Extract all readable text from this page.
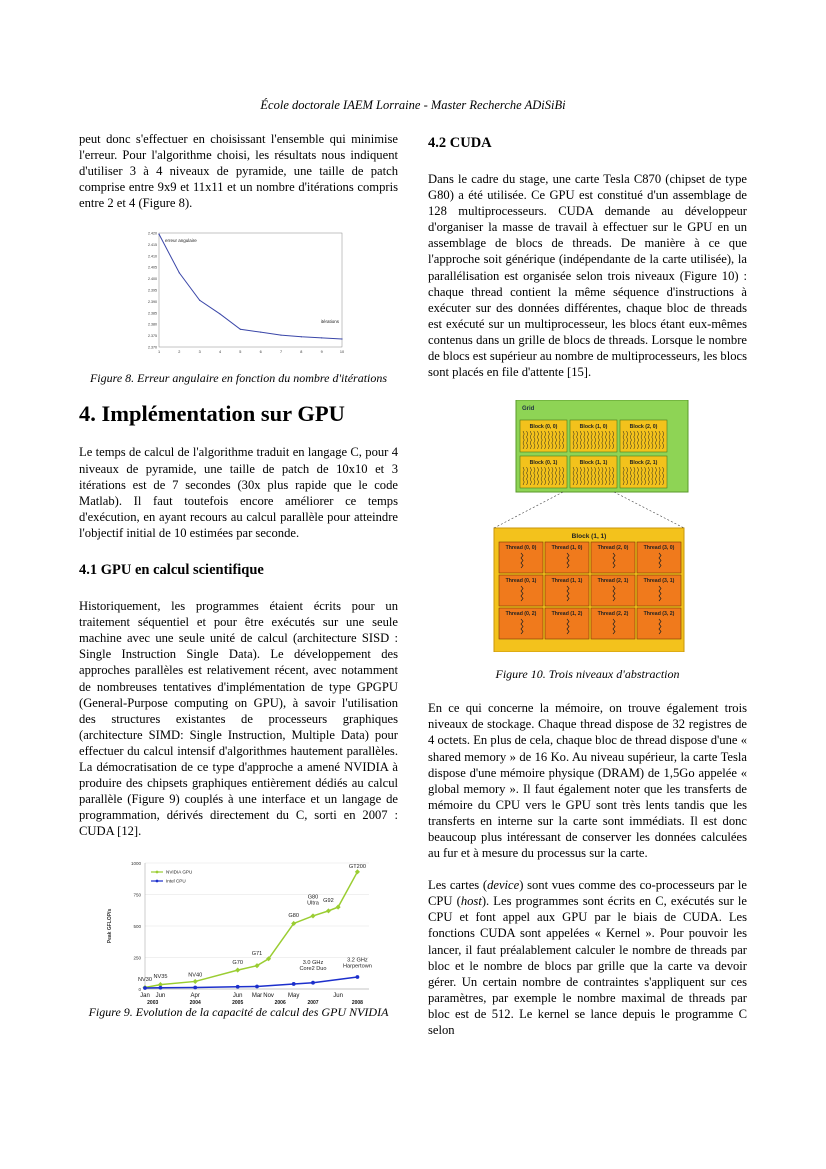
École doctorale IAEM Lorraine - Master Recherche ADiSiBi

peut donc s'effectuer en choisissant l'ensemble qui minimise l'erreur. Pour l'algorithme choisi, les résultats nous indiquent d'utiliser 3 à 4 niveaux de pyramide, une taille de patch comprise entre 9x9 et 11x11 et un nombre d'itérations compris entre 2 et 4 (Figure 8).

2.370
2.375
2.380
2.385
2.390
2.395
2.400
2.405
2.410
2.415
2.420
1	2	3	4	5	6	7	8	9	10
erreur angulaire
itérations
Figure 8. Erreur angulaire en fonction du nombre d'itérations
4. Implémentation sur GPU

Le temps de calcul de l'algorithme traduit en langage C, pour 4 niveaux de pyramide, une taille de patch de 10x10 et 3 itérations est de 7 secondes (30x plus rapide que le code Matlab). Il faut toutefois encore améliorer ce temps d'exécution, en ayant recours au calcul parallèle pour atteindre l'objectif initial de 10 estimées par seconde.

4.1 GPU en calcul scientifique

Historiquement, les programmes étaient écrits pour un traitement séquentiel et pour être exécutés sur une seule machine avec une seule unité de calcul (architecture SISD : Single Instruction Single Data). Le développement des approches parallèles est relativement récent, avec notamment de nombreuses tentatives d'implémentation de type GPGPU (General-Purpose computing on GPU), à savoir l'utilisation des structures existantes de processeurs graphiques (architecture SIMD: Single Instruction, Multiple Data) pour effectuer du calcul intensif d'algorithmes hautement parallèles. La démocratisation de ce type d'approche a amené NVIDIA à produire des chipsets graphiques entièrement dédiés au calcul parallèle (Figure 9) couplés à une interface et un langage de programmation, dérivés directement du C, sorti en 2007 : CUDA [12].

0
250
500
750
1000
Peak GFLOP/s
Jan Jun	Apr	Jun Mar Nov May	Jun
2003	2004	2005	2006	2007	2008
NVIDIA GPU
Intel CPU
NV30
NV35	NV40
G70
G71
G80
G80
Ultra G92
GT200
3.0 GHz
Core2 Duo
3.2 GHz
Harpertown
Figure 9. Evolution de la capacité de calcul des GPU NVIDIA
4.2 CUDA

Dans le cadre du stage, une carte Tesla C870 (chipset de type G80) a été utilisée. Ce GPU est constitué d'un assemblage de 128 multiprocesseurs. CUDA demande au développeur d'organiser la masse de travail à effectuer sur le GPU en un assemblage de blocs de threads. De manière à ce que l'approche soit générique (indépendante de la carte utilisée), la parallélisation est organisée selon trois niveaux (Figure 10) : chaque thread contient la même séquence d'instructions à exécuter sur des données différentes, chaque bloc de threads est exécuté sur un multiprocesseur, les blocs étant eux-mêmes contenus dans un grille de blocs de threads. Lorsque le nombre de blocs est supérieur au nombre de multiprocesseurs, les blocs sont placés en file d'attente [15].

Grid
Block (0, 0)	Block (1, 0)	Block (2, 0)
Block (0, 1)	Block (1, 1)	Block (2, 1)
Block (1, 1)
Thread (0, 0)	Thread (1, 0)	Thread (2, 0)	Thread (3, 0)
Thread (0, 1)	Thread (1, 1)	Thread (2, 1)	Thread (3, 1)
Thread (0, 2)	Thread (1, 2)	Thread (2, 2)	Thread (3, 2)
Figure 10. Trois niveaux d'abstraction

En ce qui concerne la mémoire, on trouve également trois niveaux de stockage. Chaque thread dispose de 32 registres de 4 octets. En plus de cela, chaque bloc de thread dispose d'une « shared memory » de 16 Ko. Au niveau supérieur, la carte Tesla dispose d'une mémoire physique (DRAM) de 1,5Go appelée « global memory ». Il faut également noter que les transferts de mémoire du CPU vers le GPU sont très lents tandis que les transferts en interne sur la carte sont immédiats. Il est donc beaucoup plus intéressant de conserver les données calculées au fur et à mesure du processus sur la carte.

Les cartes (device) sont vues comme des co-processeurs par le CPU (host). Les programmes sont écrits en C, exécutés sur le CPU et font appel aux GPU par le biais de CUDA. Les fonctions CUDA sont appelées « Kernel ». Pour pouvoir les lancer, il faut préalablement calculer le nombre de threads par bloc et le nombre de blocs par grille que la carte va devoir gérer. Un certain nombre de contraintes s'appliquent sur ces paramètres, par exemple le nombre maximal de threads par bloc est de 512. Le kernel se lance depuis le programme C selon
